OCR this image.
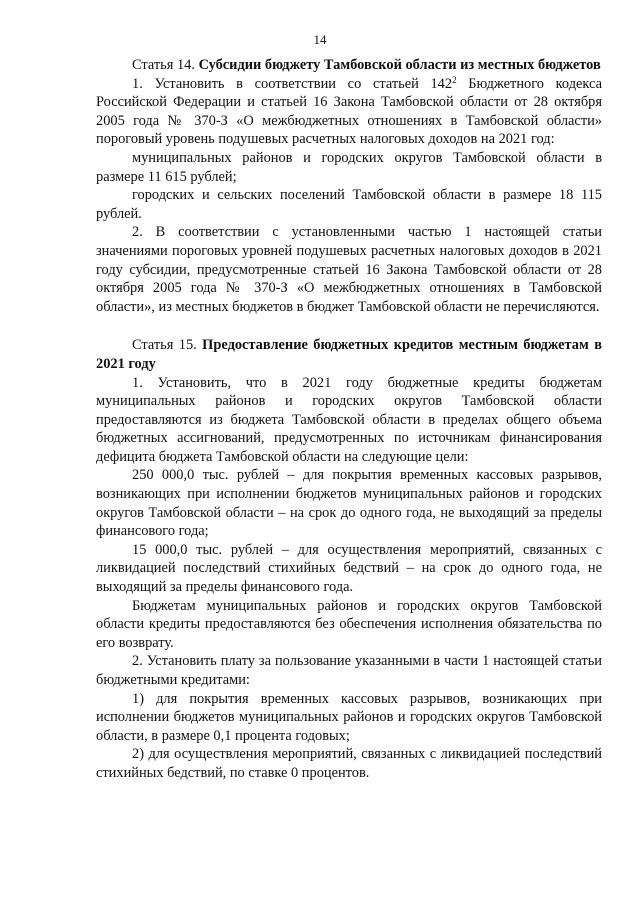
14

Статья 14. Субсидии бюджету Тамбовской области из местных бюджетов

1. Установить в соответствии со статьей $142^2$ Бюджетного кодекса Российской Федерации и статьей 16 Закона Тамбовской области от 28 октября 2005 года № 370-З «О межбюджетных отношениях в Тамбовской области» пороговый уровень подушевых расчетных налоговых доходов на 2021 год:

муниципальных районов и городских округов Тамбовской области в размере 11 615 рублей;

городских и сельских поселений Тамбовской области в размере 18 115 рублей.

2. В соответствии с установленными частью 1 настоящей статьи значениями пороговых уровней подушевых расчетных налоговых доходов в 2021 году субсидии, предусмотренные статьей 16 Закона Тамбовской области от 28 октября 2005 года № 370-З «О межбюджетных отношениях в Тамбовской области», из местных бюджетов в бюджет Тамбовской области не перечисляются.

Статья 15. Предоставление бюджетных кредитов местным бюджетам в 2021 году

1. Установить, что в 2021 году бюджетные кредиты бюджетам муниципальных районов и городских округов Тамбовской области предоставляются из бюджета Тамбовской области в пределах общего объема бюджетных ассигнований, предусмотренных по источникам финансирования дефицита бюджета Тамбовской области на следующие цели:

250 000,0 тыс. рублей – для покрытия временных кассовых разрывов, возникающих при исполнении бюджетов муниципальных районов и городских округов Тамбовской области – на срок до одного года, не выходящий за пределы финансового года;

15 000,0 тыс. рублей – для осуществления мероприятий, связанных с ликвидацией последствий стихийных бедствий – на срок до одного года, не выходящий за пределы финансового года.

Бюджетам муниципальных районов и городских округов Тамбовской области кредиты предоставляются без обеспечения исполнения обязательства по его возврату.

2. Установить плату за пользование указанными в части 1 настоящей статьи бюджетными кредитами:

1) для покрытия временных кассовых разрывов, возникающих при исполнении бюджетов муниципальных районов и городских округов Тамбовской области, в размере 0,1 процента годовых;

2) для осуществления мероприятий, связанных с ликвидацией последствий стихийных бедствий, по ставке 0 процентов.
